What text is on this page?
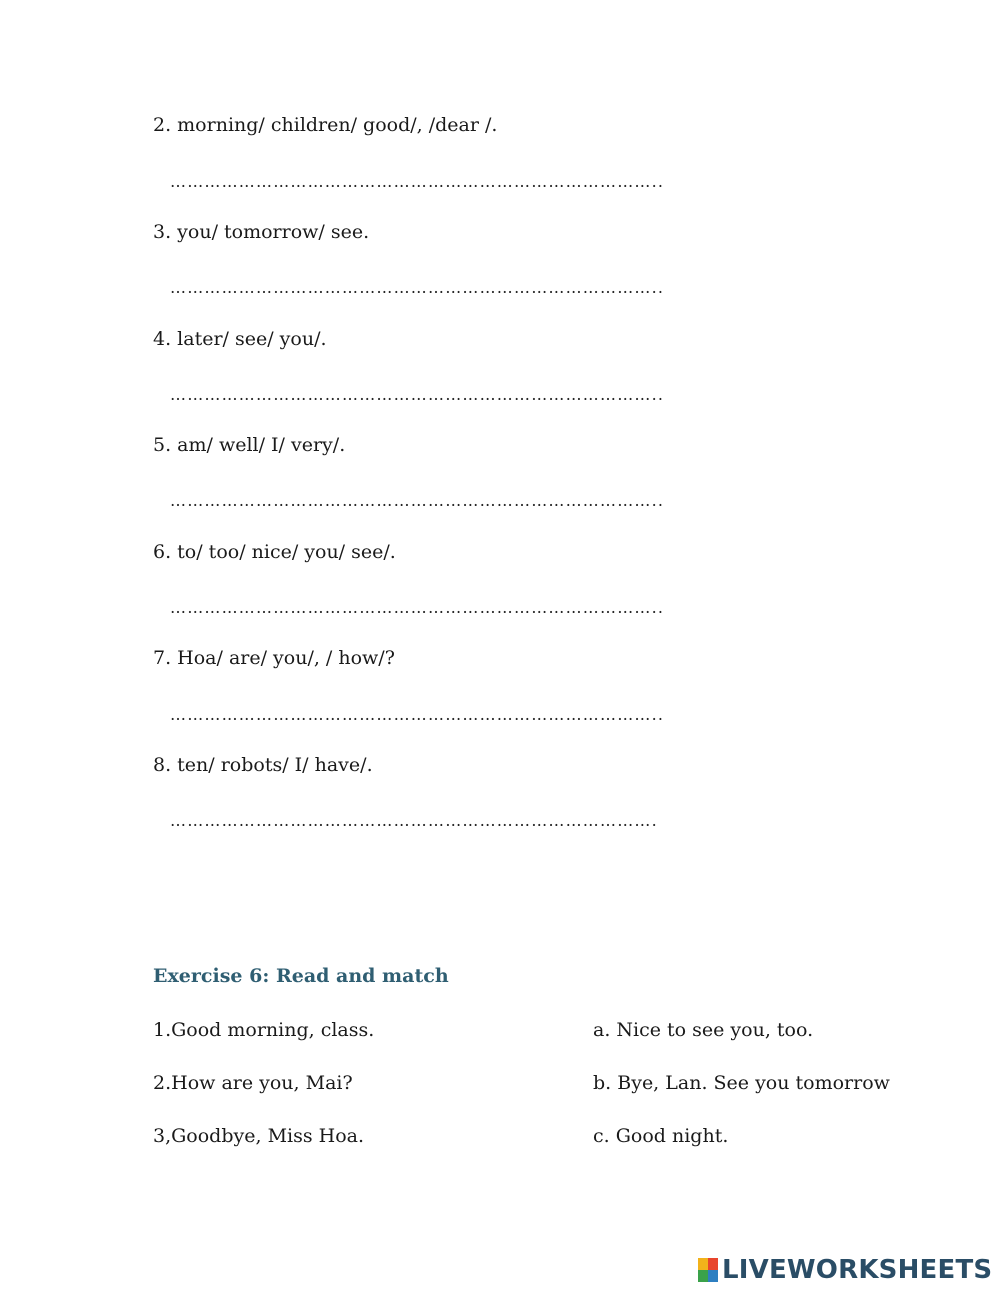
2. morning/ children/ good/, /dear /.
…………………………………………………………………………..
3. you/ tomorrow/ see.
…………………………………………………………………………..
4. later/ see/ you/.
…………………………………………………………………………..
5. am/ well/ I/ very/.
…………………………………………………………………………..
6. to/ too/ nice/ you/ see/.
…………………………………………………………………………..
7. Hoa/ are/ you/, / how/?
…………………………………………………………………………..
8. ten/ robots/ I/ have/.
………………………………………………………………………….
Exercise 6: Read and match
1.Good morning, class.	a. Nice to see you, too.
2.How are you, Mai?	b. Bye, Lan. See you tomorrow
3,Goodbye, Miss Hoa.	c. Good night.
LIVEWORKSHEETS
